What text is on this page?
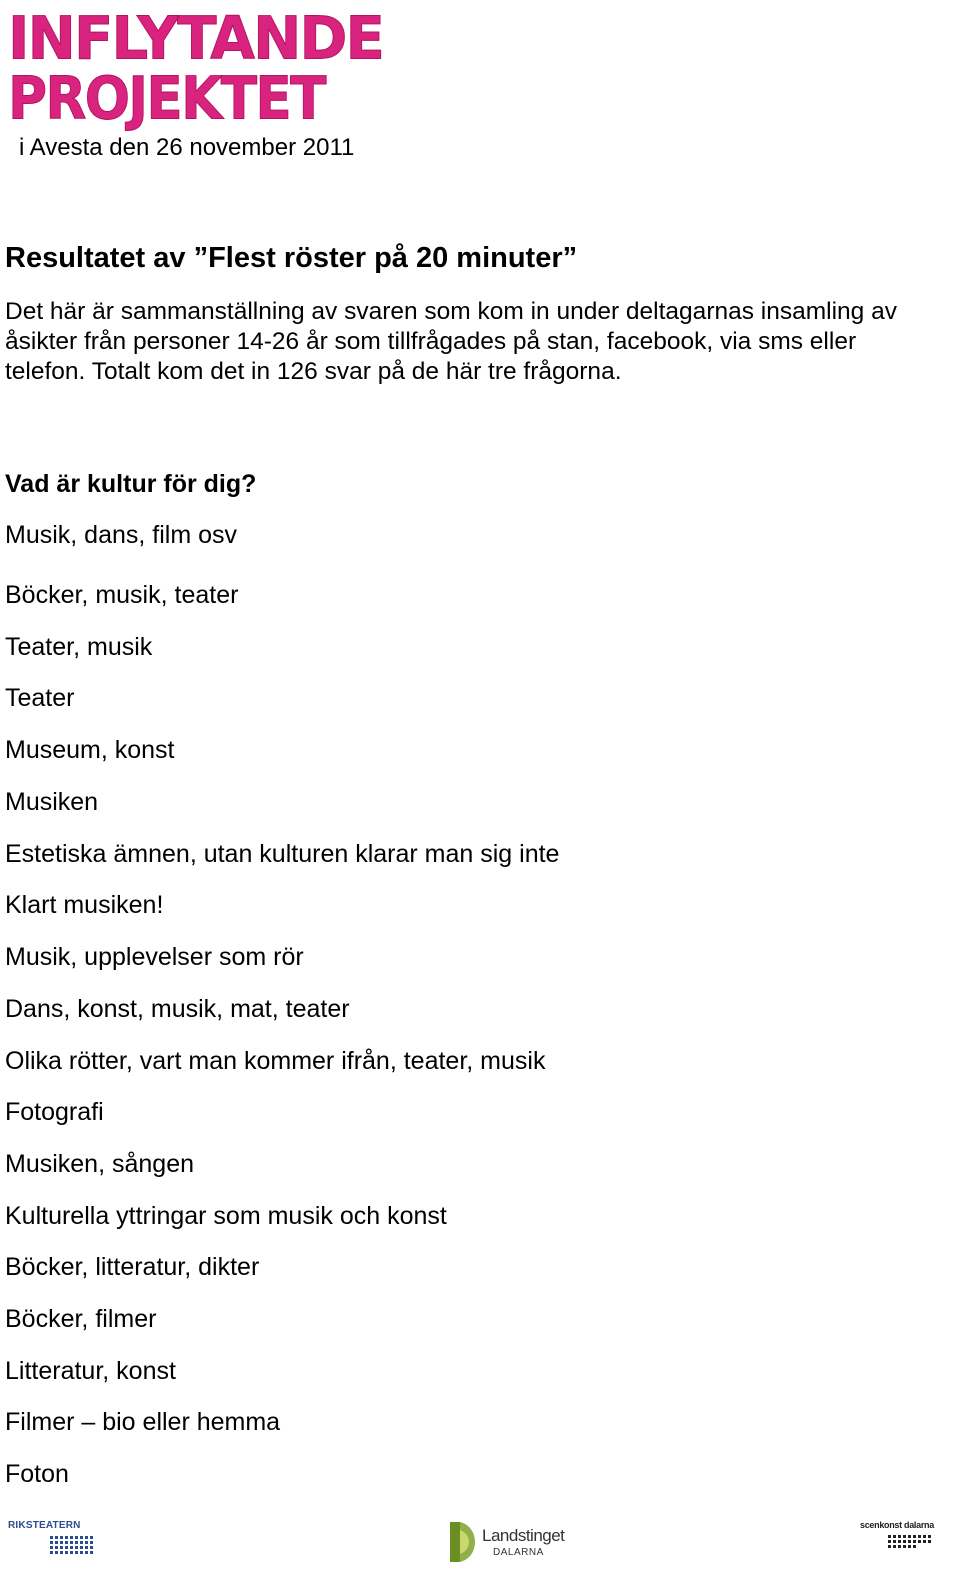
INFLYTANDE
PROJEKTET
i Avesta den 26 november 2011
Resultatet av ”Flest röster på 20 minuter”
Det här är sammanställning av svaren som kom in under deltagarnas insamling av
åsikter från personer 14-26 år som tillfrågades på stan, facebook, via sms eller
telefon. Totalt kom det in 126 svar på de här tre frågorna.
Vad är kultur för dig?
Musik, dans, film osv
Böcker, musik, teater
Teater, musik
Teater
Museum, konst
Musiken
Estetiska ämnen, utan kulturen klarar man sig inte
Klart musiken!
Musik, upplevelser som rör
Dans, konst, musik, mat, teater
Olika rötter, vart man kommer ifrån, teater, musik
Fotografi
Musiken, sången
Kulturella yttringar som musik och konst
Böcker, litteratur, dikter
Böcker, filmer
Litteratur, konst
Filmer – bio eller hemma
Foton
RIKSTEATERN
Landstinget
DALARNA
scenkonst dalarna
